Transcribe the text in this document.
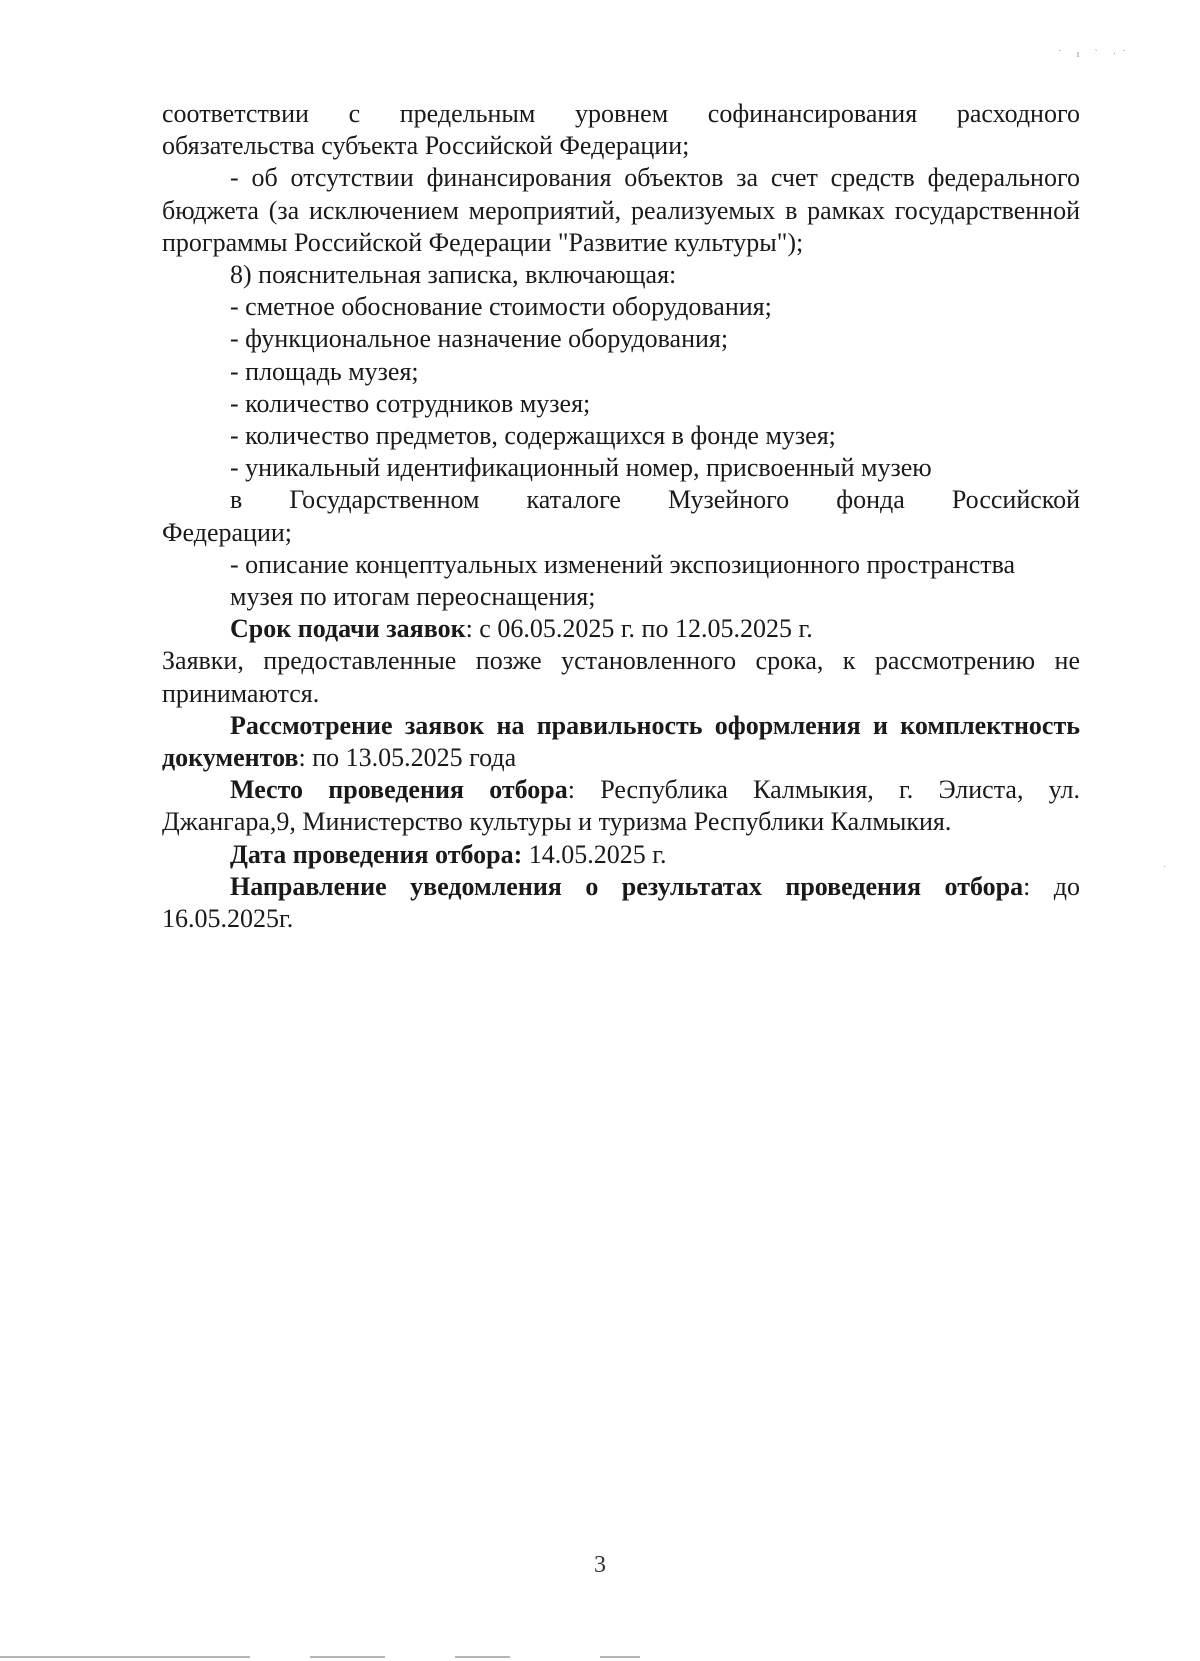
˙ ı ˋ ·˙
·

соответствии с предельным уровнем софинансирования расходного

обязательства субъекта Российской Федерации;

- об отсутствии финансирования объектов за счет средств федерального бюджета (за исключением мероприятий, реализуемых в рамках государственной программы Российской Федерации "Развитие культуры");

8) пояснительная записка, включающая:

- сметное обоснование стоимости оборудования;

- функциональное назначение оборудования;

- площадь музея;

- количество сотрудников музея;

- количество предметов, содержащихся в фонде музея;

- уникальный идентификационный номер, присвоенный музею

в Государственном каталоге Музейного фонда Российской

Федерации;

- описание концептуальных изменений экспозиционного пространства

музея по итогам переоснащения;

Срок подачи заявок: с 06.05.2025 г. по 12.05.2025 г.

Заявки, предоставленные позже установленного срока, к рассмотрению не принимаются.

Рассмотрение заявок на правильность оформления и комплектность документов: по 13.05.2025 года

Место проведения отбора: Республика Калмыкия, г. Элиста, ул. Джангара,9, Министерство культуры и туризма Республики Калмыкия.

Дата проведения отбора: 14.05.2025 г.

Направление уведомления о результатах проведения отбора: до 16.05.2025г.

3
